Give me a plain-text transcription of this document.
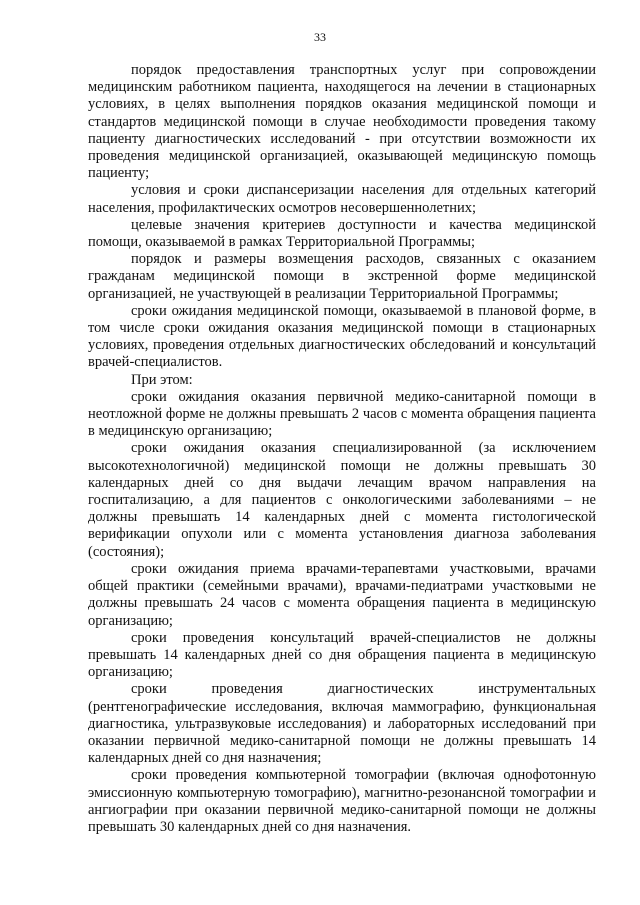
33

порядок предоставления транспортных услуг при сопровождении медицинским работником пациента, находящегося на лечении в стационарных условиях, в целях выполнения порядков оказания медицинской помощи и стандартов медицинской помощи в случае необходимости проведения такому пациенту диагностических исследований - при отсутствии возможности их проведения медицинской организацией, оказывающей медицинскую помощь пациенту;

условия и сроки диспансеризации населения для отдельных категорий населения, профилактических осмотров несовершеннолетних;

целевые значения критериев доступности и качества медицинской помощи, оказываемой в рамках Территориальной Программы;

порядок и размеры возмещения расходов, связанных с оказанием гражданам медицинской помощи в экстренной форме медицинской организацией, не участвующей в реализации Территориальной Программы;

сроки ожидания медицинской помощи, оказываемой в плановой форме, в том числе сроки ожидания оказания медицинской помощи в стационарных условиях, проведения отдельных диагностических обследований и консультаций врачей-специалистов.

При этом:

сроки ожидания оказания первичной медико-санитарной помощи в неотложной форме не должны превышать 2 часов с момента обращения пациента в медицинскую организацию;

сроки ожидания оказания специализированной (за исключением высокотехнологичной) медицинской помощи не должны превышать 30 календарных дней со дня выдачи лечащим врачом направления на госпитализацию, а для пациентов с онкологическими заболеваниями – не должны превышать 14 календарных дней с момента гистологической верификации опухоли или с момента установления диагноза заболевания (состояния);

сроки ожидания приема врачами-терапевтами участковыми, врачами общей практики (семейными врачами), врачами-педиатрами участковыми не должны превышать 24 часов с момента обращения пациента в медицинскую организацию;

сроки проведения консультаций врачей-специалистов не должны превышать 14 календарных дней со дня обращения пациента в медицинскую организацию;

сроки проведения диагностических инструментальных (рентгенографические исследования, включая маммографию, функциональная диагностика, ультразвуковые исследования) и лабораторных исследований при оказании первичной медико-санитарной помощи не должны превышать 14 календарных дней со дня назначения;

сроки проведения компьютерной томографии (включая однофотонную эмиссионную компьютерную томографию), магнитно-резонансной томографии и ангиографии при оказании первичной медико-санитарной помощи не должны превышать 30 календарных дней со дня назначения.
